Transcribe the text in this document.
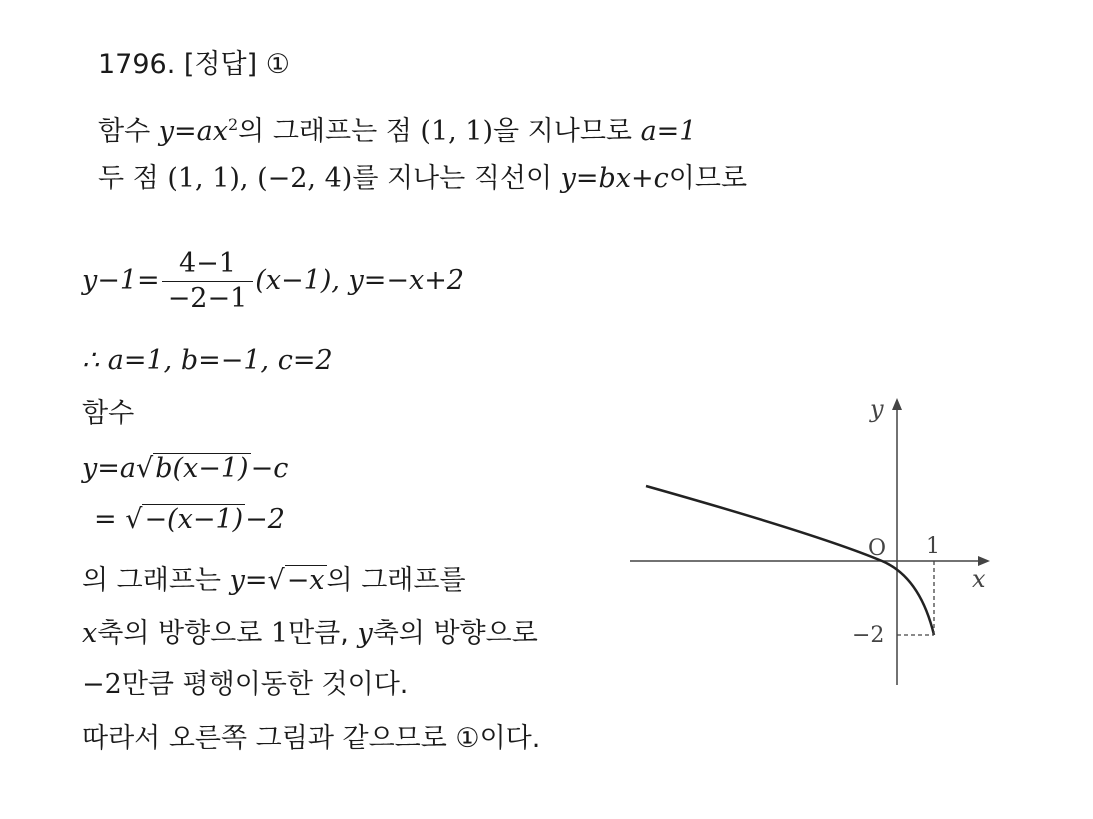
1796. [정답] ①
함수 $y=ax^2$의 그래프는 점 (1, 1)을 지나므로 a=1
두 점 (1, 1), (−2, 4)를 지나는 직선이 y=bx+c이므로
$y-1= \frac{4-1}{-2-1} (x-1)$, y=−x+2
∴ a=1, b=−1, c=2
함수
y=a√b(x−1)−c
= √−(x−1)−2
의 그래프는 y=√−x의 그래프를
x축의 방향으로 1만큼, y축의 방향으로
−2만큼 평행이동한 것이다.
따라서 오른쪽 그림과 같으므로 ①이다.
y
x
O 1
−2
